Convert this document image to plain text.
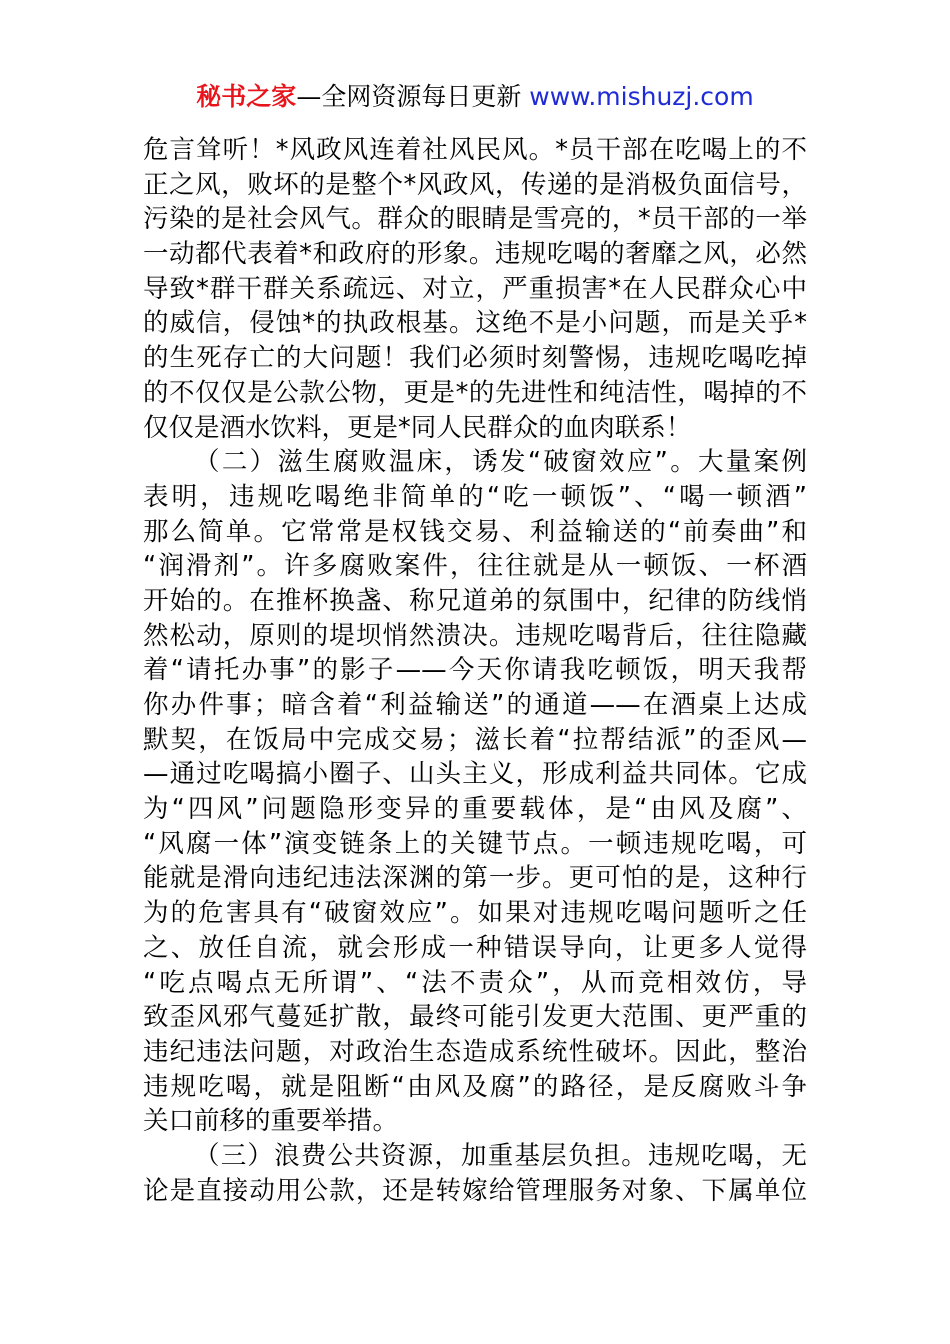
秘书之家—全网资源每日更新 www.mishuzj.com
危言耸听！*风政风连着社风民风。*员干部在吃喝上的不
正之风，败坏的是整个*风政风，传递的是消极负面信号，
污染的是社会风气。群众的眼睛是雪亮的，*员干部的一举
一动都代表着*和政府的形象。违规吃喝的奢靡之风，必然
导致*群干群关系疏远、对立，严重损害*在人民群众心中
的威信，侵蚀*的执政根基。这绝不是小问题，而是关乎*
的生死存亡的大问题！我们必须时刻警惕，违规吃喝吃掉
的不仅仅是公款公物，更是*的先进性和纯洁性，喝掉的不
仅仅是酒水饮料，更是*同人民群众的血肉联系！
（二）滋生腐败温床，诱发“破窗效应”。大量案例
表明，违规吃喝绝非简单的“吃一顿饭”、“喝一顿酒”
那么简单。它常常是权钱交易、利益输送的“前奏曲”和
“润滑剂”。许多腐败案件，往往就是从一顿饭、一杯酒
开始的。在推杯换盏、称兄道弟的氛围中，纪律的防线悄
然松动，原则的堤坝悄然溃决。违规吃喝背后，往往隐藏
着“请托办事”的影子——今天你请我吃顿饭，明天我帮
你办件事；暗含着“利益输送”的通道——在酒桌上达成
默契，在饭局中完成交易；滋长着“拉帮结派”的歪风—
—通过吃喝搞小圈子、山头主义，形成利益共同体。它成
为“四风”问题隐形变异的重要载体，是“由风及腐”、
“风腐一体”演变链条上的关键节点。一顿违规吃喝，可
能就是滑向违纪违法深渊的第一步。更可怕的是，这种行
为的危害具有“破窗效应”。如果对违规吃喝问题听之任
之、放任自流，就会形成一种错误导向，让更多人觉得
“吃点喝点无所谓”、“法不责众”，从而竞相效仿，导
致歪风邪气蔓延扩散，最终可能引发更大范围、更严重的
违纪违法问题，对政治生态造成系统性破坏。因此，整治
违规吃喝，就是阻断“由风及腐”的路径，是反腐败斗争
关口前移的重要举措。
（三）浪费公共资源，加重基层负担。违规吃喝，无
论是直接动用公款，还是转嫁给管理服务对象、下属单位
